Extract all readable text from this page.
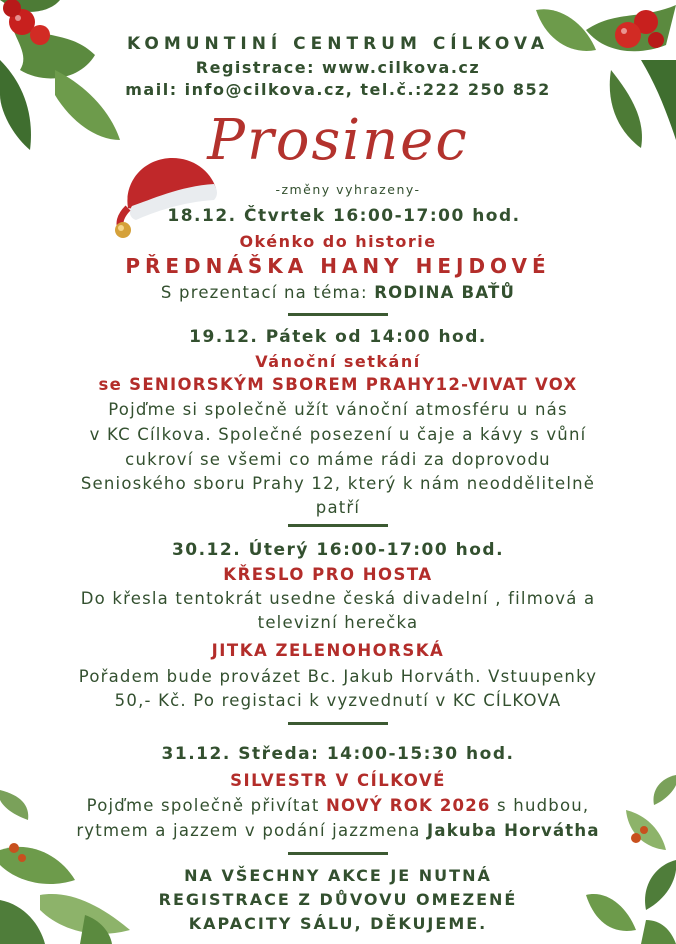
KOMUNTINÍ CENTRUM CÍLKOVA
Registrace: www.cilkova.cz
mail: info@cilkova.cz, tel.č.:222 250 852
Prosinec
-změny vyhrazeny-
18.12. Čtvrtek 16:00-17:00 hod.
Okénko do historie
PŘEDNÁŠKA HANY HEJDOVÉ
S prezentací na téma: RODINA BAŤŮ
19.12. Pátek od 14:00 hod.
Vánoční setkání
se SENIORSKÝM SBOREM PRAHY12-VIVAT VOX
Pojďme si společně užít vánoční atmosféru u nás
v KC Cílkova. Společné posezení u čaje a kávy s vůní
cukroví se všemi co máme rádi za doprovodu
Senioského sboru Prahy 12, který k nám neoddělitelně
patří
30.12. Úterý 16:00-17:00 hod.
KŘESLO PRO HOSTA
Do křesla tentokrát usedne česká divadelní , filmová a
televizní herečka
JITKA ZELENOHORSKÁ
Pořadem bude provázet Bc. Jakub Horváth. Vstuupenky
50,- Kč. Po registaci k vyzvednutí v KC CÍLKOVA
31.12. Středa: 14:00-15:30 hod.
SILVESTR V CÍLKOVÉ
Pojďme společně přivítat NOVÝ ROK 2026 s hudbou,
rytmem a jazzem v podání jazzmena Jakuba Horvátha
NA VŠECHNY AKCE JE NUTNÁ
REGISTRACE Z DŮVOVU OMEZENÉ
KAPACITY SÁLU, DĚKUJEME.
